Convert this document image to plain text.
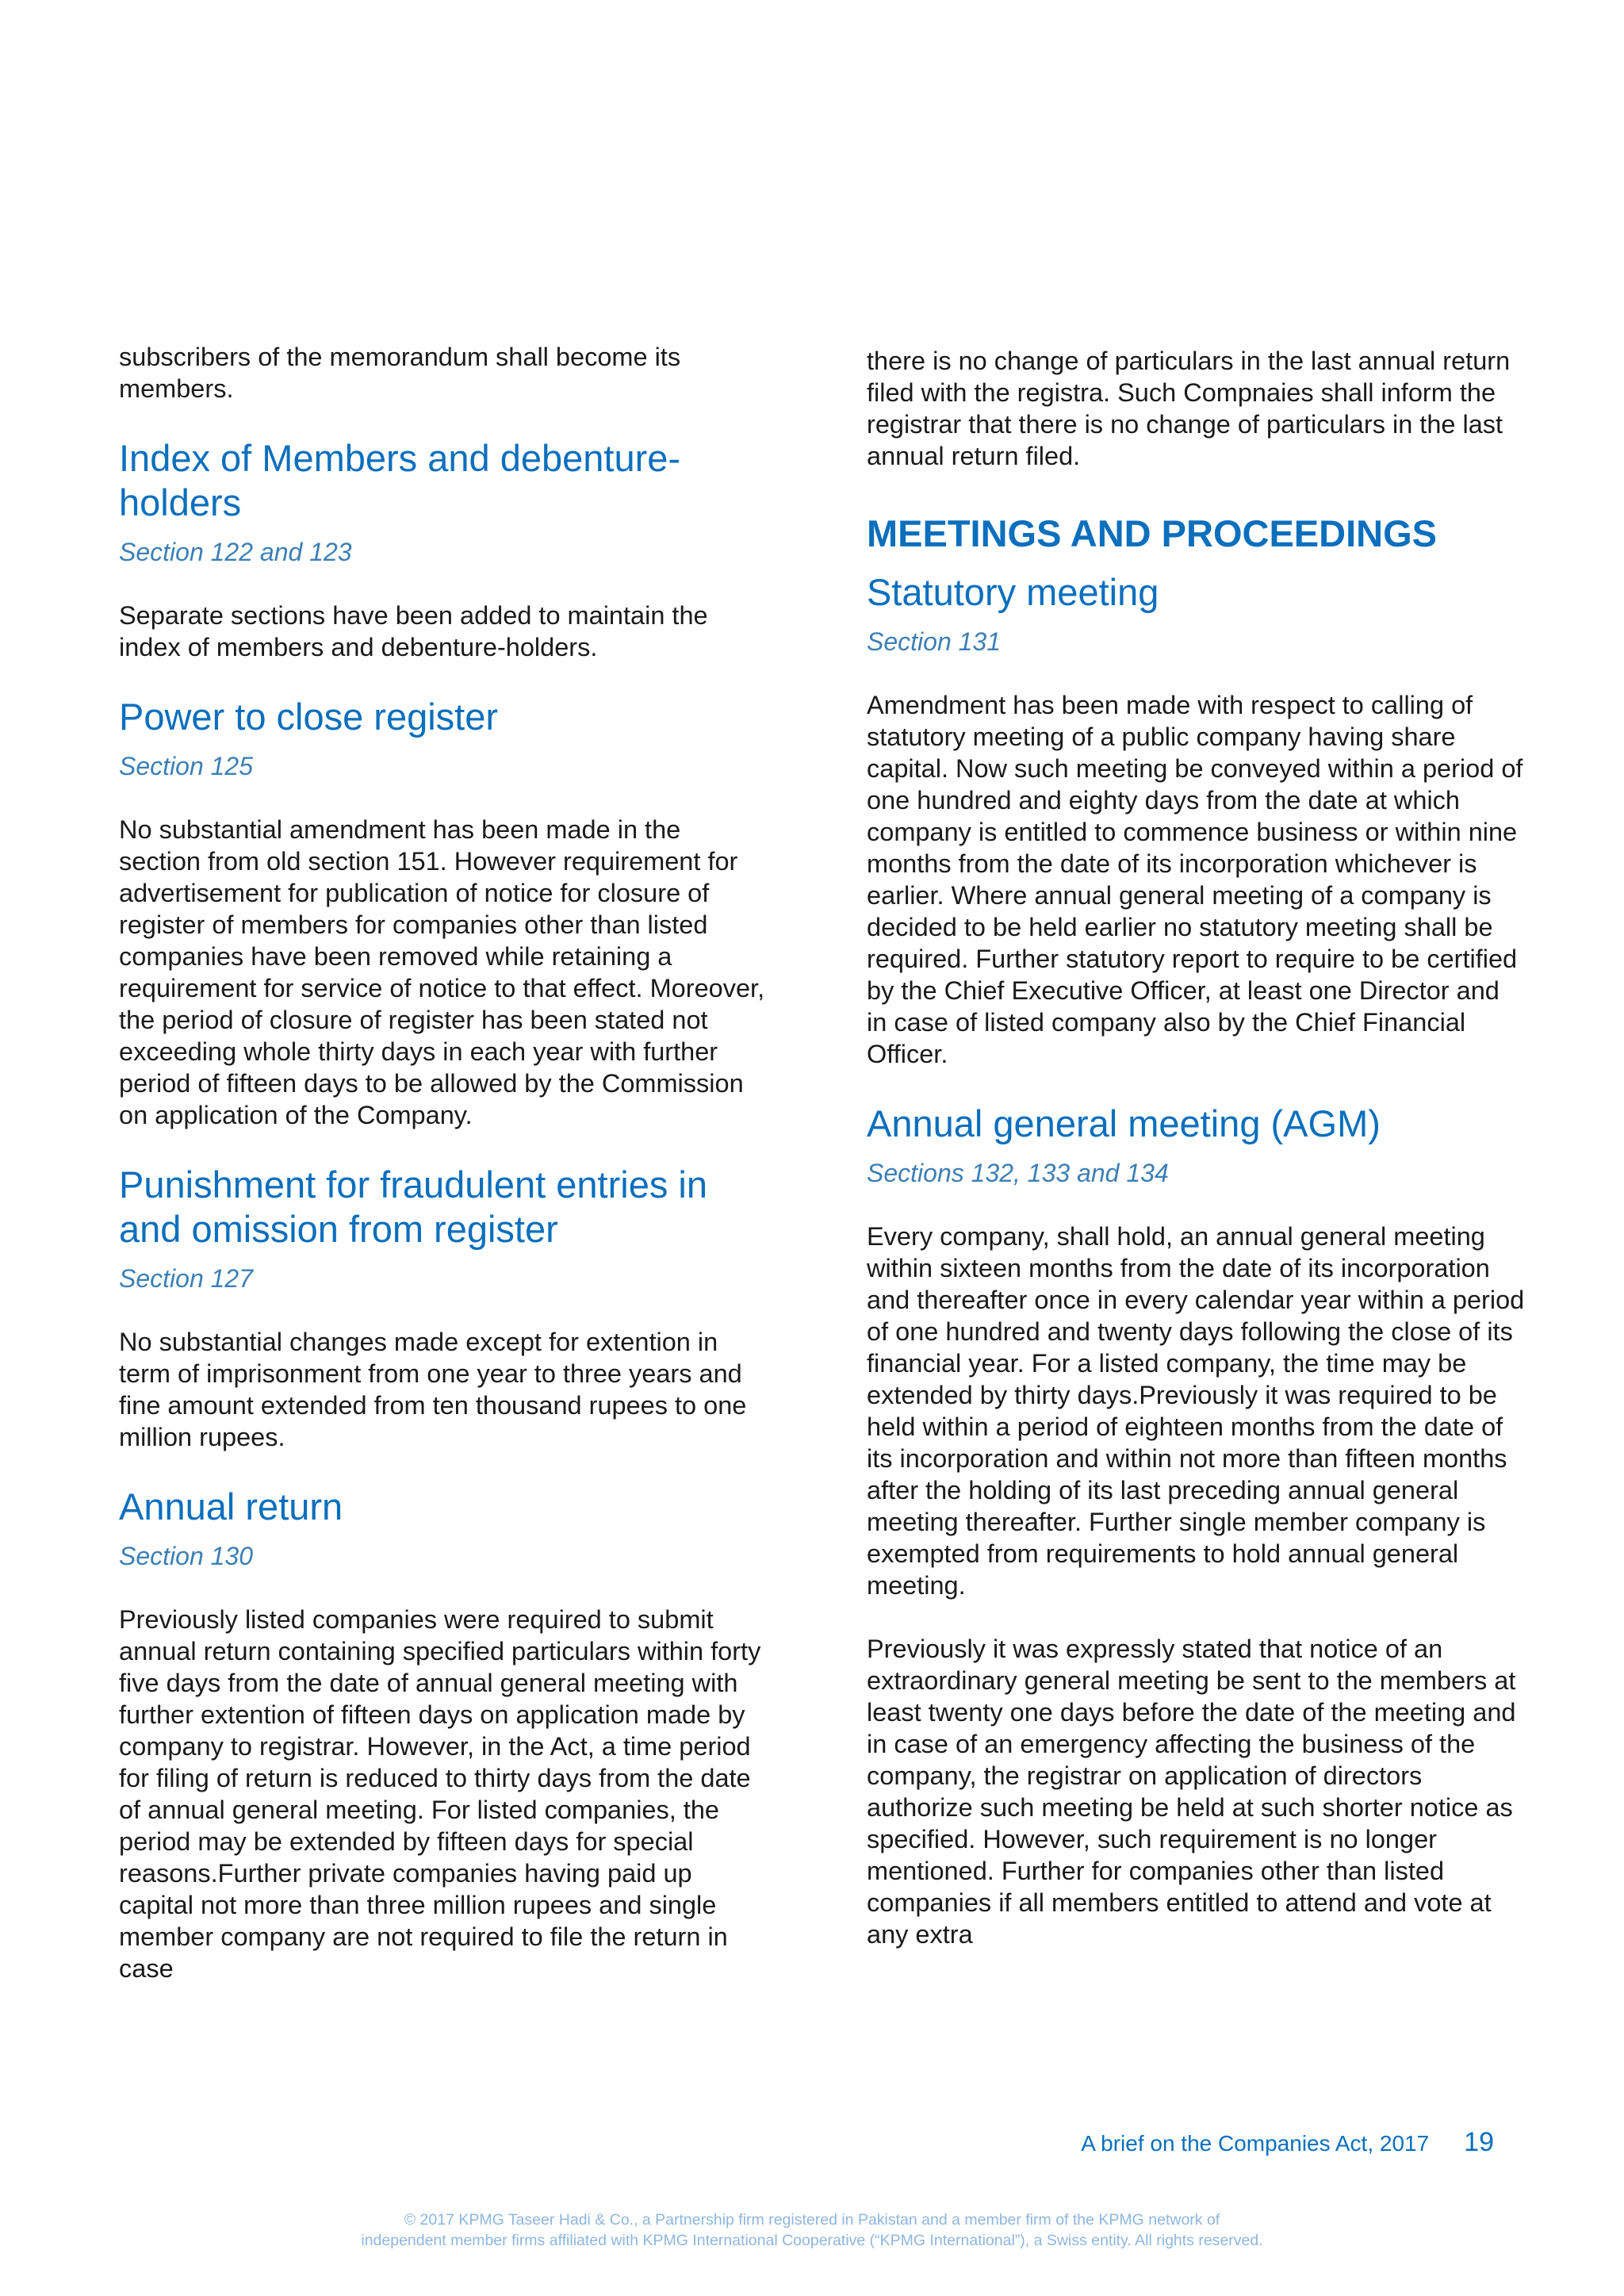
subscribers of the memorandum shall become its members.

Index of Members and debenture-holders

Section 122 and 123

Separate sections have been added to maintain the index of members and debenture-holders.

Power to close register

Section 125

No substantial amendment has been made in the section from old section 151. However requirement for advertisement for publication of notice for closure of register of members for companies other than listed companies have been removed while retaining a requirement for service of notice to that effect. Moreover, the period of closure of register has been stated not exceeding whole thirty days in each year with further period of fifteen days to be allowed by the Commission on application of the Company.

Punishment for fraudulent entries in and omission from register

Section 127

No substantial changes made except for extention in term of imprisonment from one year to three years and fine amount extended from ten thousand rupees to one million rupees.

Annual return

Section 130

Previously listed companies were required to submit annual return containing specified particulars within forty five days from the date of annual general meeting with further extention of fifteen days on application made by company to registrar. However, in the Act, a time period for filing of return is reduced to thirty days from the date of annual general meeting. For listed companies, the period may be extended by fifteen days for special reasons.Further private companies having paid up capital not more than three million rupees and single member company are not required to file the return in case

there is no change of particulars in the last annual return filed with the registra. Such Compnaies shall inform the registrar that there is no change of particulars in the last annual return filed.

MEETINGS AND PROCEEDINGS
Statutory meeting

Section 131

Amendment has been made with respect to calling of statutory meeting of a public company having share capital. Now such meeting be conveyed within a period of one hundred and eighty days from the date at which company is entitled to commence business or within nine months from the date of its incorporation whichever is earlier. Where annual general meeting of a company is decided to be held earlier no statutory meeting shall be required. Further statutory report to require to be certified by the Chief Executive Officer, at least one Director and in case of listed company also by the Chief Financial Officer.

Annual general meeting (AGM)

Sections 132, 133 and 134

Every company, shall hold, an annual general meeting within sixteen months from the date of its incorporation and thereafter once in every calendar year within a period of one hundred and twenty days following the close of its financial year. For a listed company, the time may be extended by thirty days.Previously it was required to be held within a period of eighteen months from the date of its incorporation and within not more than fifteen months after the holding of its last preceding annual general meeting thereafter. Further single member company is exempted from requirements to hold annual general meeting.

Previously it was expressly stated that notice of an extraordinary general meeting be sent to the members at least twenty one days before the date of the meeting and in case of an emergency affecting the business of the company, the registrar on application of directors authorize such meeting be held at such shorter notice as specified. However, such requirement is no longer mentioned. Further for companies other than listed companies if all members entitled to attend and vote at any extra

A brief on the Companies Act, 2017 19
© 2017 KPMG Taseer Hadi & Co., a Partnership firm registered in Pakistan and a member firm of the KPMG network of
independent member firms affiliated with KPMG International Cooperative (“KPMG International”), a Swiss entity. All rights reserved.
